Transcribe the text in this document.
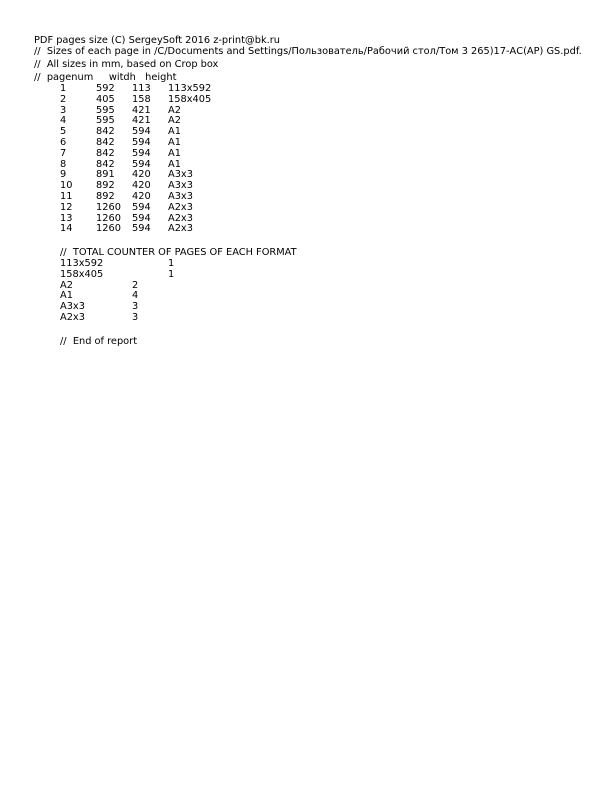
PDF pages size (C) SergeySoft 2016 z-print@bk.ru
//  Sizes of each page in /C/Documents and Settings/Пользователь/Рабочий стол/Том 3 265)17-АС(АР) GS.pdf.
//  All sizes in mm, based on Crop box
//  pagenum     witdh   height
1	592 113 113x592
2	405 158 158x405
3	595 421 A2
4	595 421 A2
5	842 594 A1
6	842 594 A1
7	842 594 A1
8	842 594 A1
9	891 420 A3x3
10 892 420 A3x3
11 892 420 A3x3
12 1260 594 A2x3
13 1260 594 A2x3
14 1260 594 A2x3
//  TOTAL COUNTER OF PAGES OF EACH FORMAT
113x592	1
158x405	1
A2	2
A1	4
A3x3	3
A2x3	3
//  End of report
